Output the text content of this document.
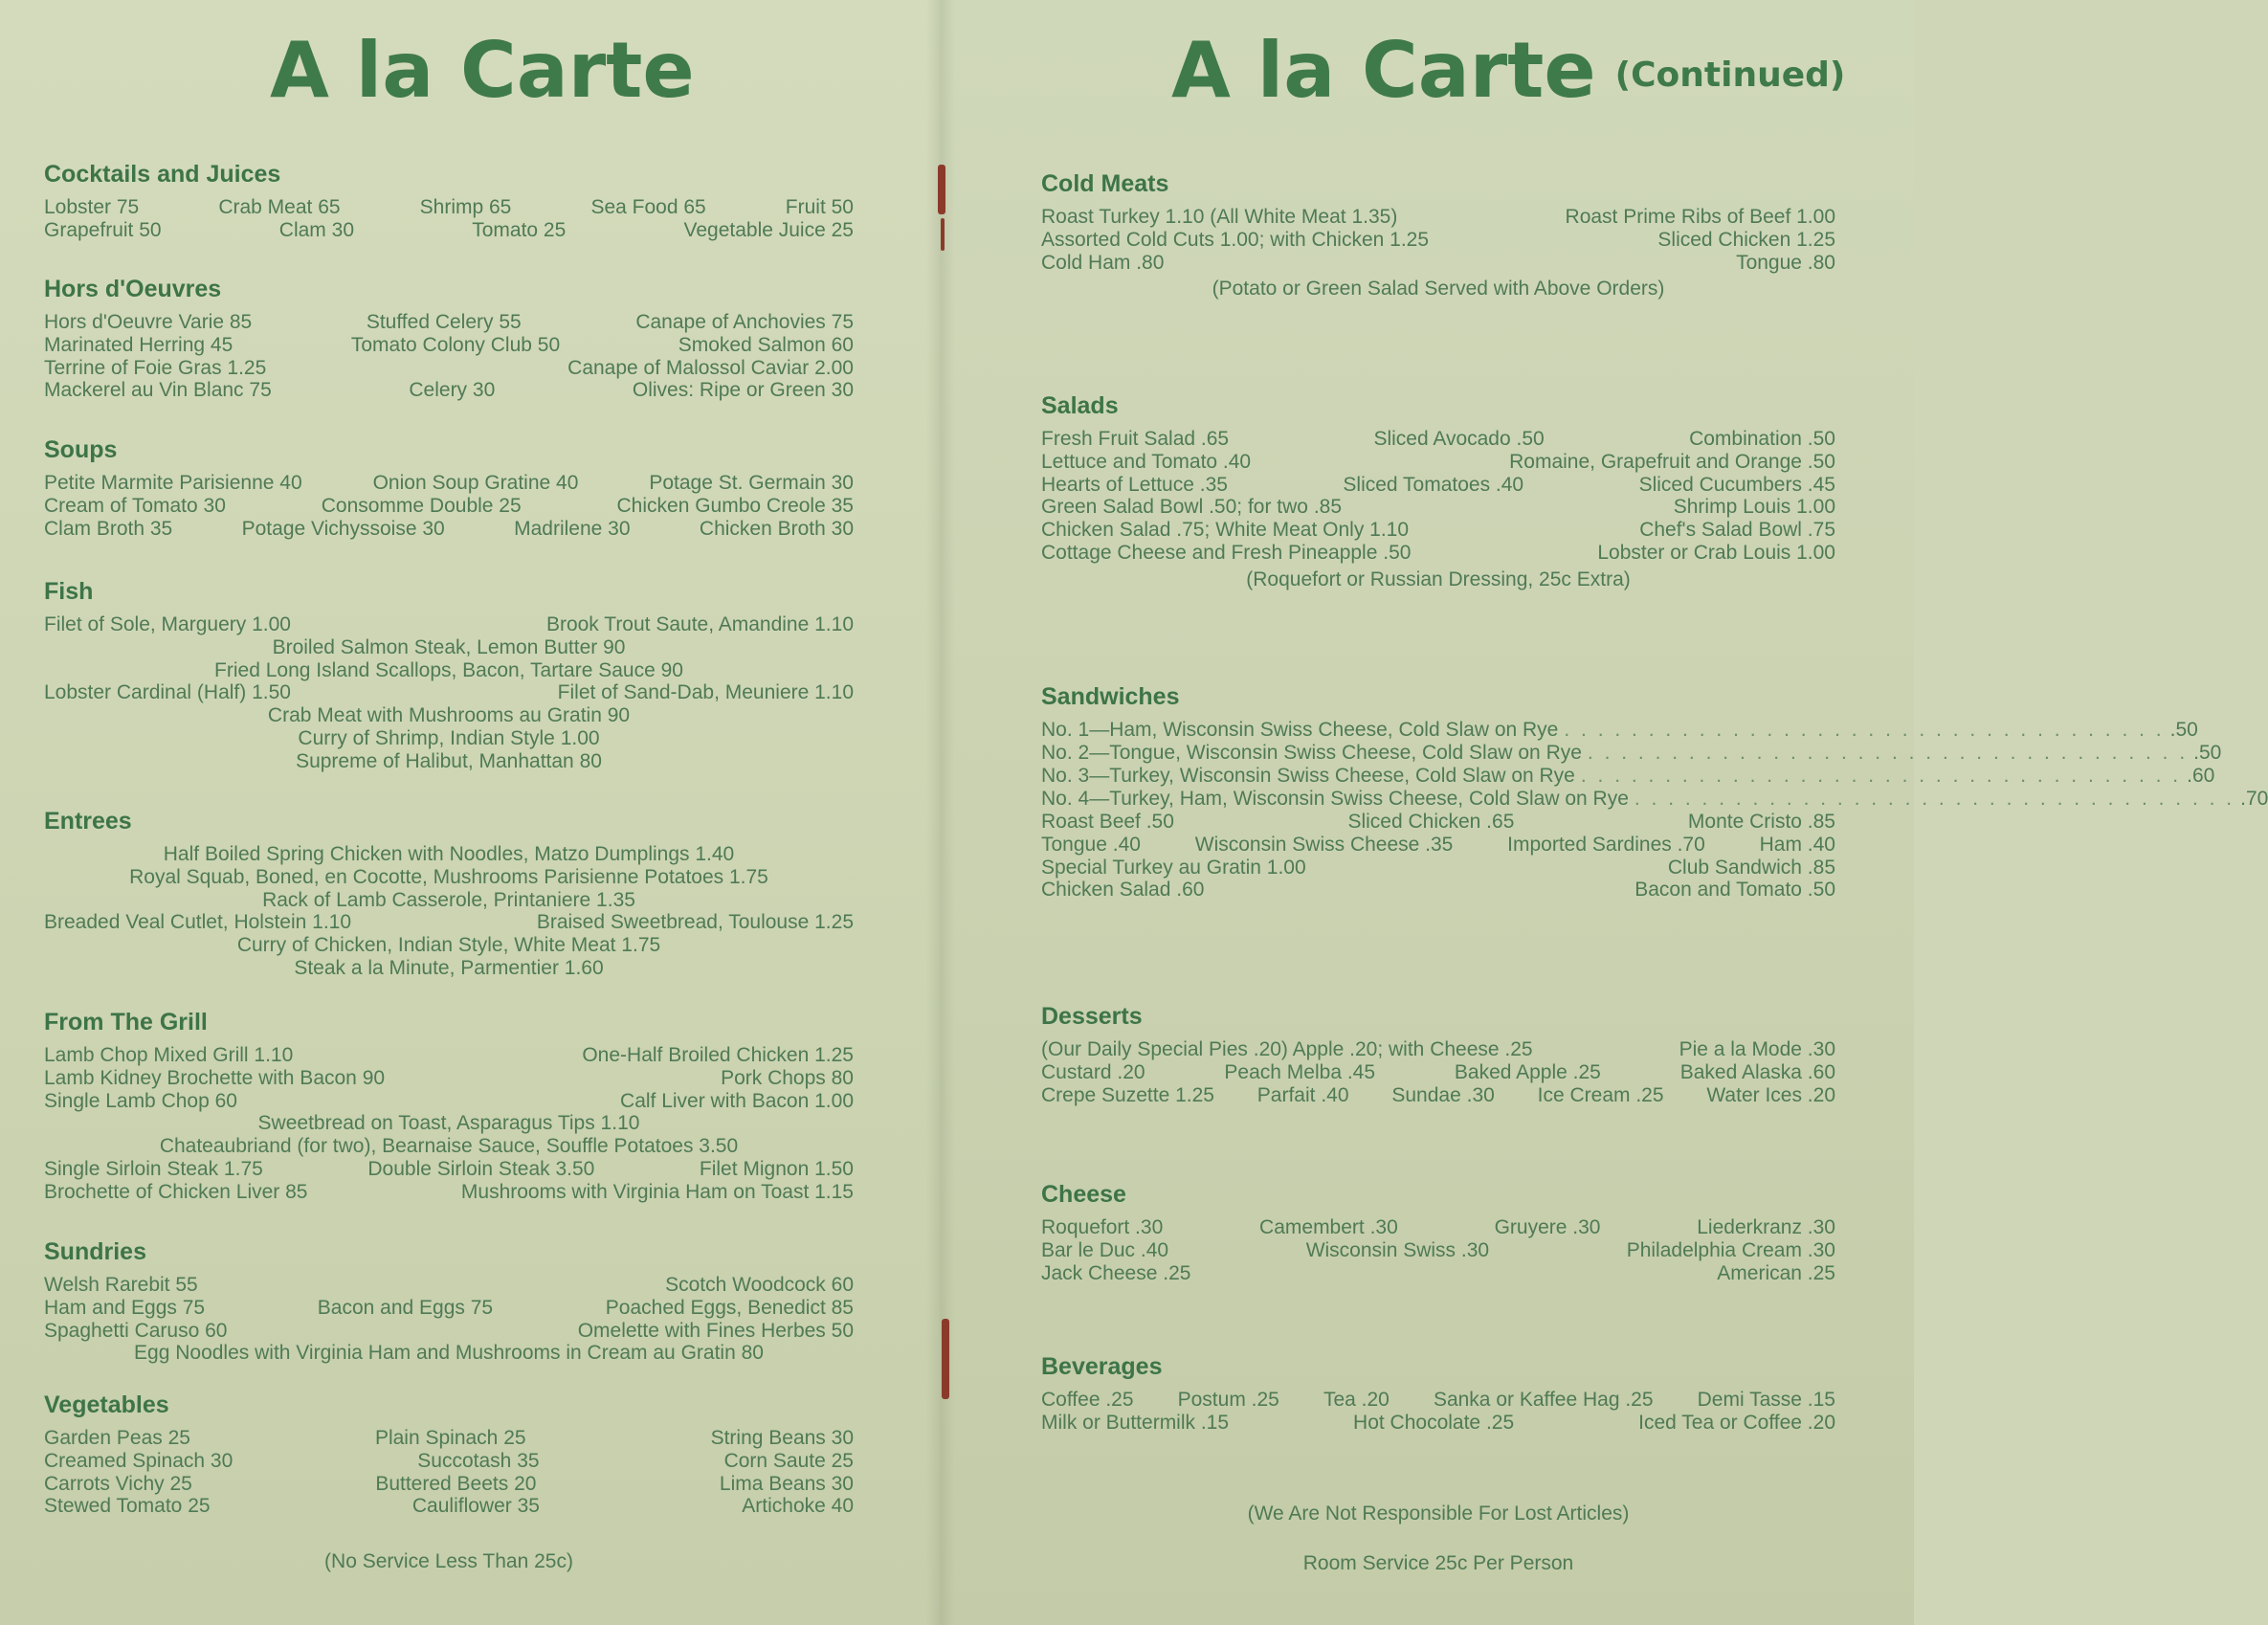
A la Carte
Cocktails and Juices
Lobster 75	Crab Meat 65	Shrimp 65	Sea Food 65	Fruit 50
Grapefruit 50	Clam 30	Tomato 25	Vegetable Juice 25
Hors d'Oeuvres
Hors d'Oeuvre Varie 85	Stuffed Celery 55	Canape of Anchovies 75
Marinated Herring 45	Tomato Colony Club 50	Smoked Salmon 60
Terrine of Foie Gras 1.25	Canape of Malossol Caviar 2.00
Mackerel au Vin Blanc 75	Celery 30	Olives: Ripe or Green 30
Soups
Petite Marmite Parisienne 40	Onion Soup Gratine 40	Potage St. Germain 30
Cream of Tomato 30	Consomme Double 25	Chicken Gumbo Creole 35
Clam Broth 35	Potage Vichyssoise 30	Madrilene 30	Chicken Broth 30
Fish
Filet of Sole, Marguery 1.00	Brook Trout Saute, Amandine 1.10
Broiled Salmon Steak, Lemon Butter 90
Fried Long Island Scallops, Bacon, Tartare Sauce 90
Lobster Cardinal (Half) 1.50	Filet of Sand-Dab, Meuniere 1.10
Crab Meat with Mushrooms au Gratin 90
Curry of Shrimp, Indian Style 1.00
Supreme of Halibut, Manhattan 80
Entrees
Half Boiled Spring Chicken with Noodles, Matzo Dumplings 1.40
Royal Squab, Boned, en Cocotte, Mushrooms Parisienne Potatoes 1.75
Rack of Lamb Casserole, Printaniere 1.35
Breaded Veal Cutlet, Holstein 1.10	Braised Sweetbread, Toulouse 1.25
Curry of Chicken, Indian Style, White Meat 1.75
Steak a la Minute, Parmentier 1.60
From The Grill
Lamb Chop Mixed Grill 1.10	One-Half Broiled Chicken 1.25
Lamb Kidney Brochette with Bacon 90	Pork Chops 80
Single Lamb Chop 60	Calf Liver with Bacon 1.00
Sweetbread on Toast, Asparagus Tips 1.10
Chateaubriand (for two), Bearnaise Sauce, Souffle Potatoes 3.50
Single Sirloin Steak 1.75	Double Sirloin Steak 3.50	Filet Mignon 1.50
Brochette of Chicken Liver 85	Mushrooms with Virginia Ham on Toast 1.15
Sundries
Welsh Rarebit 55	Scotch Woodcock 60
Ham and Eggs 75	Bacon and Eggs 75	Poached Eggs, Benedict 85
Spaghetti Caruso 60	Omelette with Fines Herbes 50
Egg Noodles with Virginia Ham and Mushrooms in Cream au Gratin 80
Vegetables
Garden Peas 25	Plain Spinach 25	String Beans 30
Creamed Spinach 30	Succotash 35	Corn Saute 25
Carrots Vichy 25	Buttered Beets 20	Lima Beans 30
Stewed Tomato 25	Cauliflower 35	Artichoke 40
(No Service Less Than 25c)
A la Carte (Continued)
Cold Meats
Roast Turkey 1.10 (All White Meat 1.35)	Roast Prime Ribs of Beef 1.00
Assorted Cold Cuts 1.00; with Chicken 1.25	Sliced Chicken 1.25
Cold Ham .80	Tongue .80
(Potato or Green Salad Served with Above Orders)
Salads
Fresh Fruit Salad .65	Sliced Avocado .50	Combination .50
Lettuce and Tomato .40	Romaine, Grapefruit and Orange .50
Hearts of Lettuce .35	Sliced Tomatoes .40	Sliced Cucumbers .45
Green Salad Bowl .50; for two .85	Shrimp Louis 1.00
Chicken Salad .75; White Meat Only 1.10	Chef's Salad Bowl .75
Cottage Cheese and Fresh Pineapple .50	Lobster or Crab Louis 1.00
(Roquefort or Russian Dressing, 25c Extra)
Sandwiches
No. 1—Ham, Wisconsin Swiss Cheese, Cold Slaw on Rye . . . . . . . . . . . . . . . . . . . . . . . . . . . . . . . . . . . . .50
No. 2—Tongue, Wisconsin Swiss Cheese, Cold Slaw on Rye . . . . . . . . . . . . . . . . . . . . . . . . . . . . . . . . . . . . .50
No. 3—Turkey, Wisconsin Swiss Cheese, Cold Slaw on Rye . . . . . . . . . . . . . . . . . . . . . . . . . . . . . . . . . . . . .60
No. 4—Turkey, Ham, Wisconsin Swiss Cheese, Cold Slaw on Rye . . . . . . . . . . . . . . . . . . . . . . . . . . . . . . . . . . . . .70
Roast Beef .50	Sliced Chicken .65	Monte Cristo .85
Tongue .40	Wisconsin Swiss Cheese .35	Imported Sardines .70	Ham .40
Special Turkey au Gratin 1.00	Club Sandwich .85
Chicken Salad .60	Bacon and Tomato .50
Desserts
(Our Daily Special Pies .20) Apple .20; with Cheese .25	Pie a la Mode .30
Custard .20	Peach Melba .45	Baked Apple .25	Baked Alaska .60
Crepe Suzette 1.25 Parfait .40 Sundae .30 Ice Cream .25 Water Ices .20
Cheese
Roquefort .30	Camembert .30	Gruyere .30	Liederkranz .30
Bar le Duc .40	Wisconsin Swiss .30	Philadelphia Cream .30
Jack Cheese .25	American .25
Beverages
Coffee .25 Postum .25 Tea .20 Sanka or Kaffee Hag .25 Demi Tasse .15
Milk or Buttermilk .15	Hot Chocolate .25	Iced Tea or Coffee .20
(We Are Not Responsible For Lost Articles)
Room Service 25c Per Person
